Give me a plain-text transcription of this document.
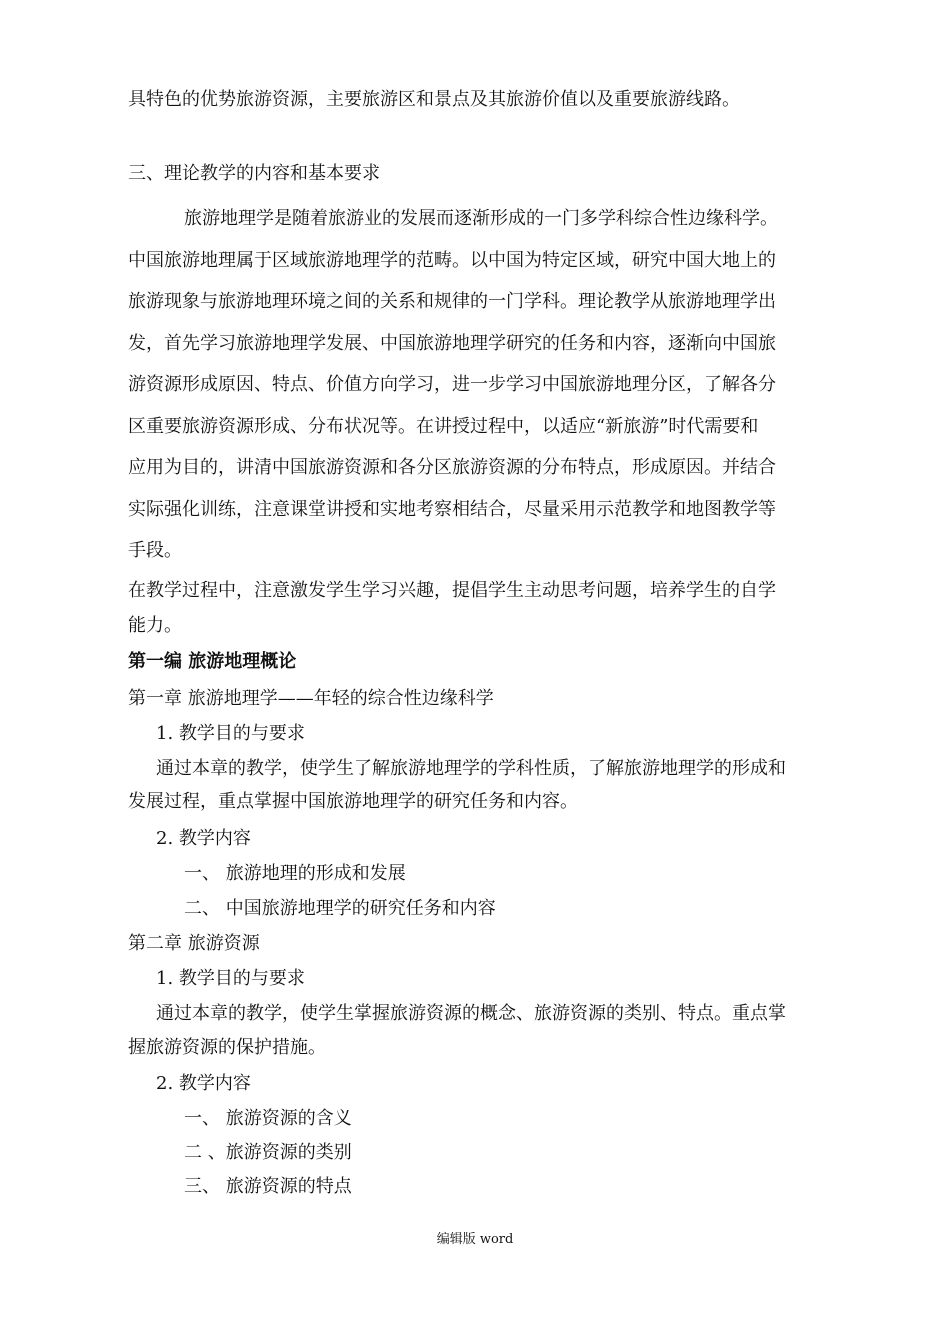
具特色的优势旅游资源，主要旅游区和景点及其旅游价值以及重要旅游线路。
三、理论教学的内容和基本要求
旅游地理学是随着旅游业的发展而逐渐形成的一门多学科综合性边缘科学。
中国旅游地理属于区域旅游地理学的范畴。以中国为特定区域，研究中国大地上的
旅游现象与旅游地理环境之间的关系和规律的一门学科。理论教学从旅游地理学出
发，首先学习旅游地理学发展、中国旅游地理学研究的任务和内容，逐渐向中国旅
游资源形成原因、特点、价值方向学习，进一步学习中国旅游地理分区，了解各分
区重要旅游资源形成、分布状况等。在讲授过程中，以适应“新旅游”时代需要和
应用为目的，讲清中国旅游资源和各分区旅游资源的分布特点，形成原因。并结合
实际强化训练，注意课堂讲授和实地考察相结合，尽量采用示范教学和地图教学等
手段。
在教学过程中，注意激发学生学习兴趣，提倡学生主动思考问题，培养学生的自学
能力。
第一编 旅游地理概论
第一章 旅游地理学——年轻的综合性边缘科学
1. 教学目的与要求
通过本章的教学，使学生了解旅游地理学的学科性质，了解旅游地理学的形成和
发展过程，重点掌握中国旅游地理学的研究任务和内容。
2. 教学内容
一、 旅游地理的形成和发展
二、 中国旅游地理学的研究任务和内容
第二章 旅游资源
1. 教学目的与要求
通过本章的教学，使学生掌握旅游资源的概念、旅游资源的类别、特点。重点掌
握旅游资源的保护措施。
2. 教学内容
一、 旅游资源的含义
二 、旅游资源的类别
三、 旅游资源的特点
编辑版 word
